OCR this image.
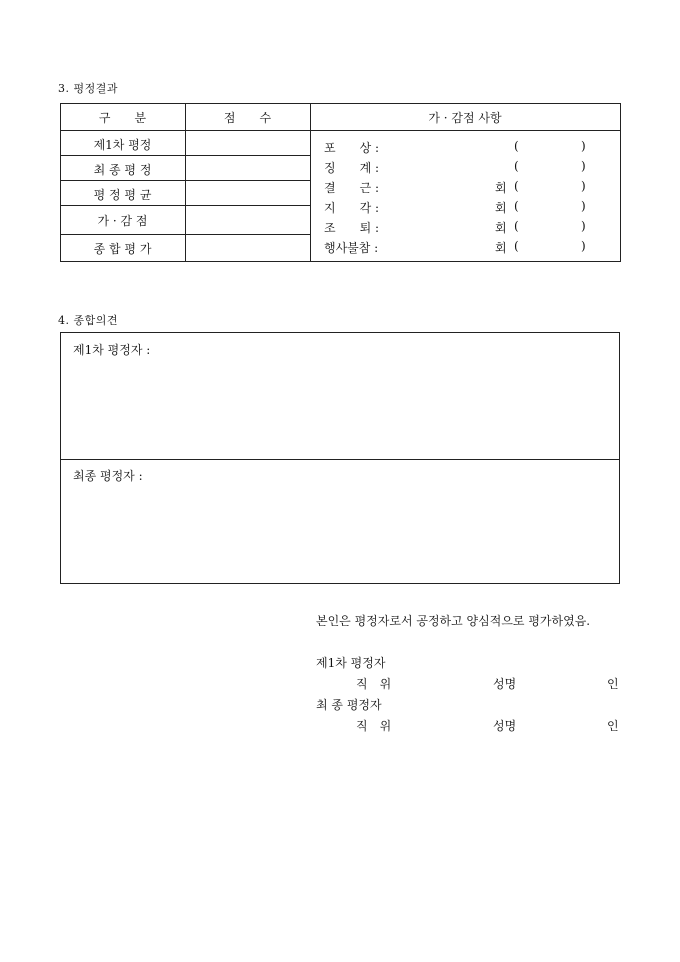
3. 평정결과
구　　분	점　　수	가 · 감점 사항
제1차 평정
최 종 평 정
평 정 평 균
가 · 감 점
종 합 평 가
포　　상 :	(	)
징　　계 :	(	)
결　　근 :	회 (	)
지　　각 :	회 (	)
조　　퇴 :	회 (	)
행사불참 :	회 (	)
4. 종합의견
제1차 평정자 :
최종 평정자 :
본인은 평정자로서 공정하고 양심적으로 평가하였음.
제1차 평정자
직　위	성명	인
최 종 평정자
직　위	성명	인
